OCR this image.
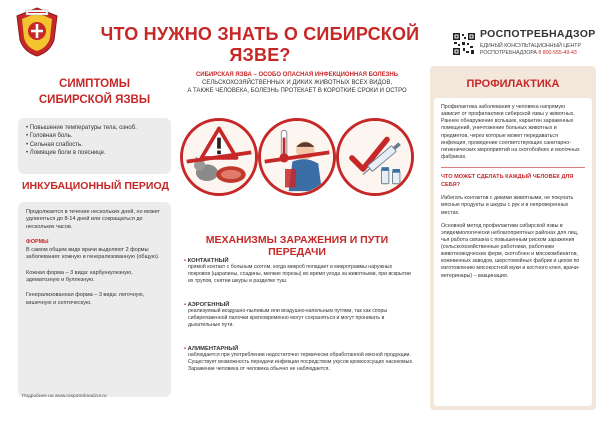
ЧТО НУЖНО ЗНАТЬ О СИБИРСКОЙ ЯЗВЕ?
РОСПОТРЕБНАДЗОР
ЕДИНЫЙ КОНСУЛЬТАЦИОННЫЙ ЦЕНТР
РОСПОТРЕБНАДЗОРА 8 800-555-49-43
СИМПТОМЫ
СИБИРСКОЙ ЯЗВЫ
• Повышение температуры тела, озноб.
• Головная боль.
• Сильная слабость.
• Ломящие боли в пояснице.
ИНКУБАЦИОННЫЙ ПЕРИОД

Продолжается в течение нескольких дней, но может удлиняться до 8-14 дней или сокращаться до нескольких часов.

ФОРМЫ

В самом общем виде врачи выделяют 2 формы заболевания: кожную и генерализованную (общую).

Кожная форма – 3 вида: карбункулезную, эдематозную и буллезную.

Генерализованная форма – 3 вида: легочную, кишечную и септическую.

Подробнее на www.rospotrebnadzor.ru
СИБИРСКАЯ ЯЗВА – ОСОБО ОПАСНАЯ ИНФЕКЦИОННАЯ БОЛЕЗНЬ
СЕЛЬСКОХОЗЯЙСТВЕННЫХ И ДИКИХ ЖИВОТНЫХ ВСЕХ ВИДОВ,
А ТАКЖЕ ЧЕЛОВЕКА, БОЛЕЗНЬ ПРОТЕКАЕТ В КОРОТКИЕ СРОКИ И ОСТРО
МЕХАНИЗМЫ ЗАРАЖЕНИЯ И ПУТИ ПЕРЕДАЧИ
• КОНТАКТНЫЙ
прямой контакт с больным скотом, когда микроб попадает в микротравмы наружных покровов (царапины, ссадины, мелкие порезы) во время ухода за животными, при вскрытии их трупов, снятии шкуры и разделке туш.
• АЭРОГЕННЫЙ
реализуемый воздушно-пылевым или воздушно-капельным путями, так как споры сибиреязвенной палочки кратковременно могут сохраняться и могут проникать в дыхательные пути.
• АЛИМЕНТАРНЫЙ
наблюдается при употреблении недостаточно термически обработанной мясной продукции. Существует возможность передачи инфекции посредством укусов кровососущих насекомых.
Заражение человека от человека обычно не наблюдается.
ПРОФИЛАКТИКА

Профилактика заболевания у человека напрямую зависит от профилактики сибирской язвы у животных. Раннее обнаружение вспышек, карантин зараженных помещений, уничтожение больных животных и предметов, через которые может передаваться инфекция, проведение соответствующих санитарно-гигиенических мероприятий на скотобойнях и молочных фабриках.

ЧТО МОЖЕТ СДЕЛАТЬ КАЖДЫЙ ЧЕЛОВЕК ДЛЯ СЕБЯ?

Избегать контактов с дикими животными, не покупать мясные продукты и шкуры с рук и в непроверенных местах.

Основной метод профилактики сибирской язвы в эпидемиологически неблагоприятных районах для лиц, чья работа связана с повышенным риском заражения (сельскохозяйственные работники, работники животноводческих ферм, скотобоен и мясокомбинатов, кожевенных заводов, шерстомойных фабрик и цехов по изготовлению мясокостной муки и костного клея, врачи-ветеринары) – вакцинация.
